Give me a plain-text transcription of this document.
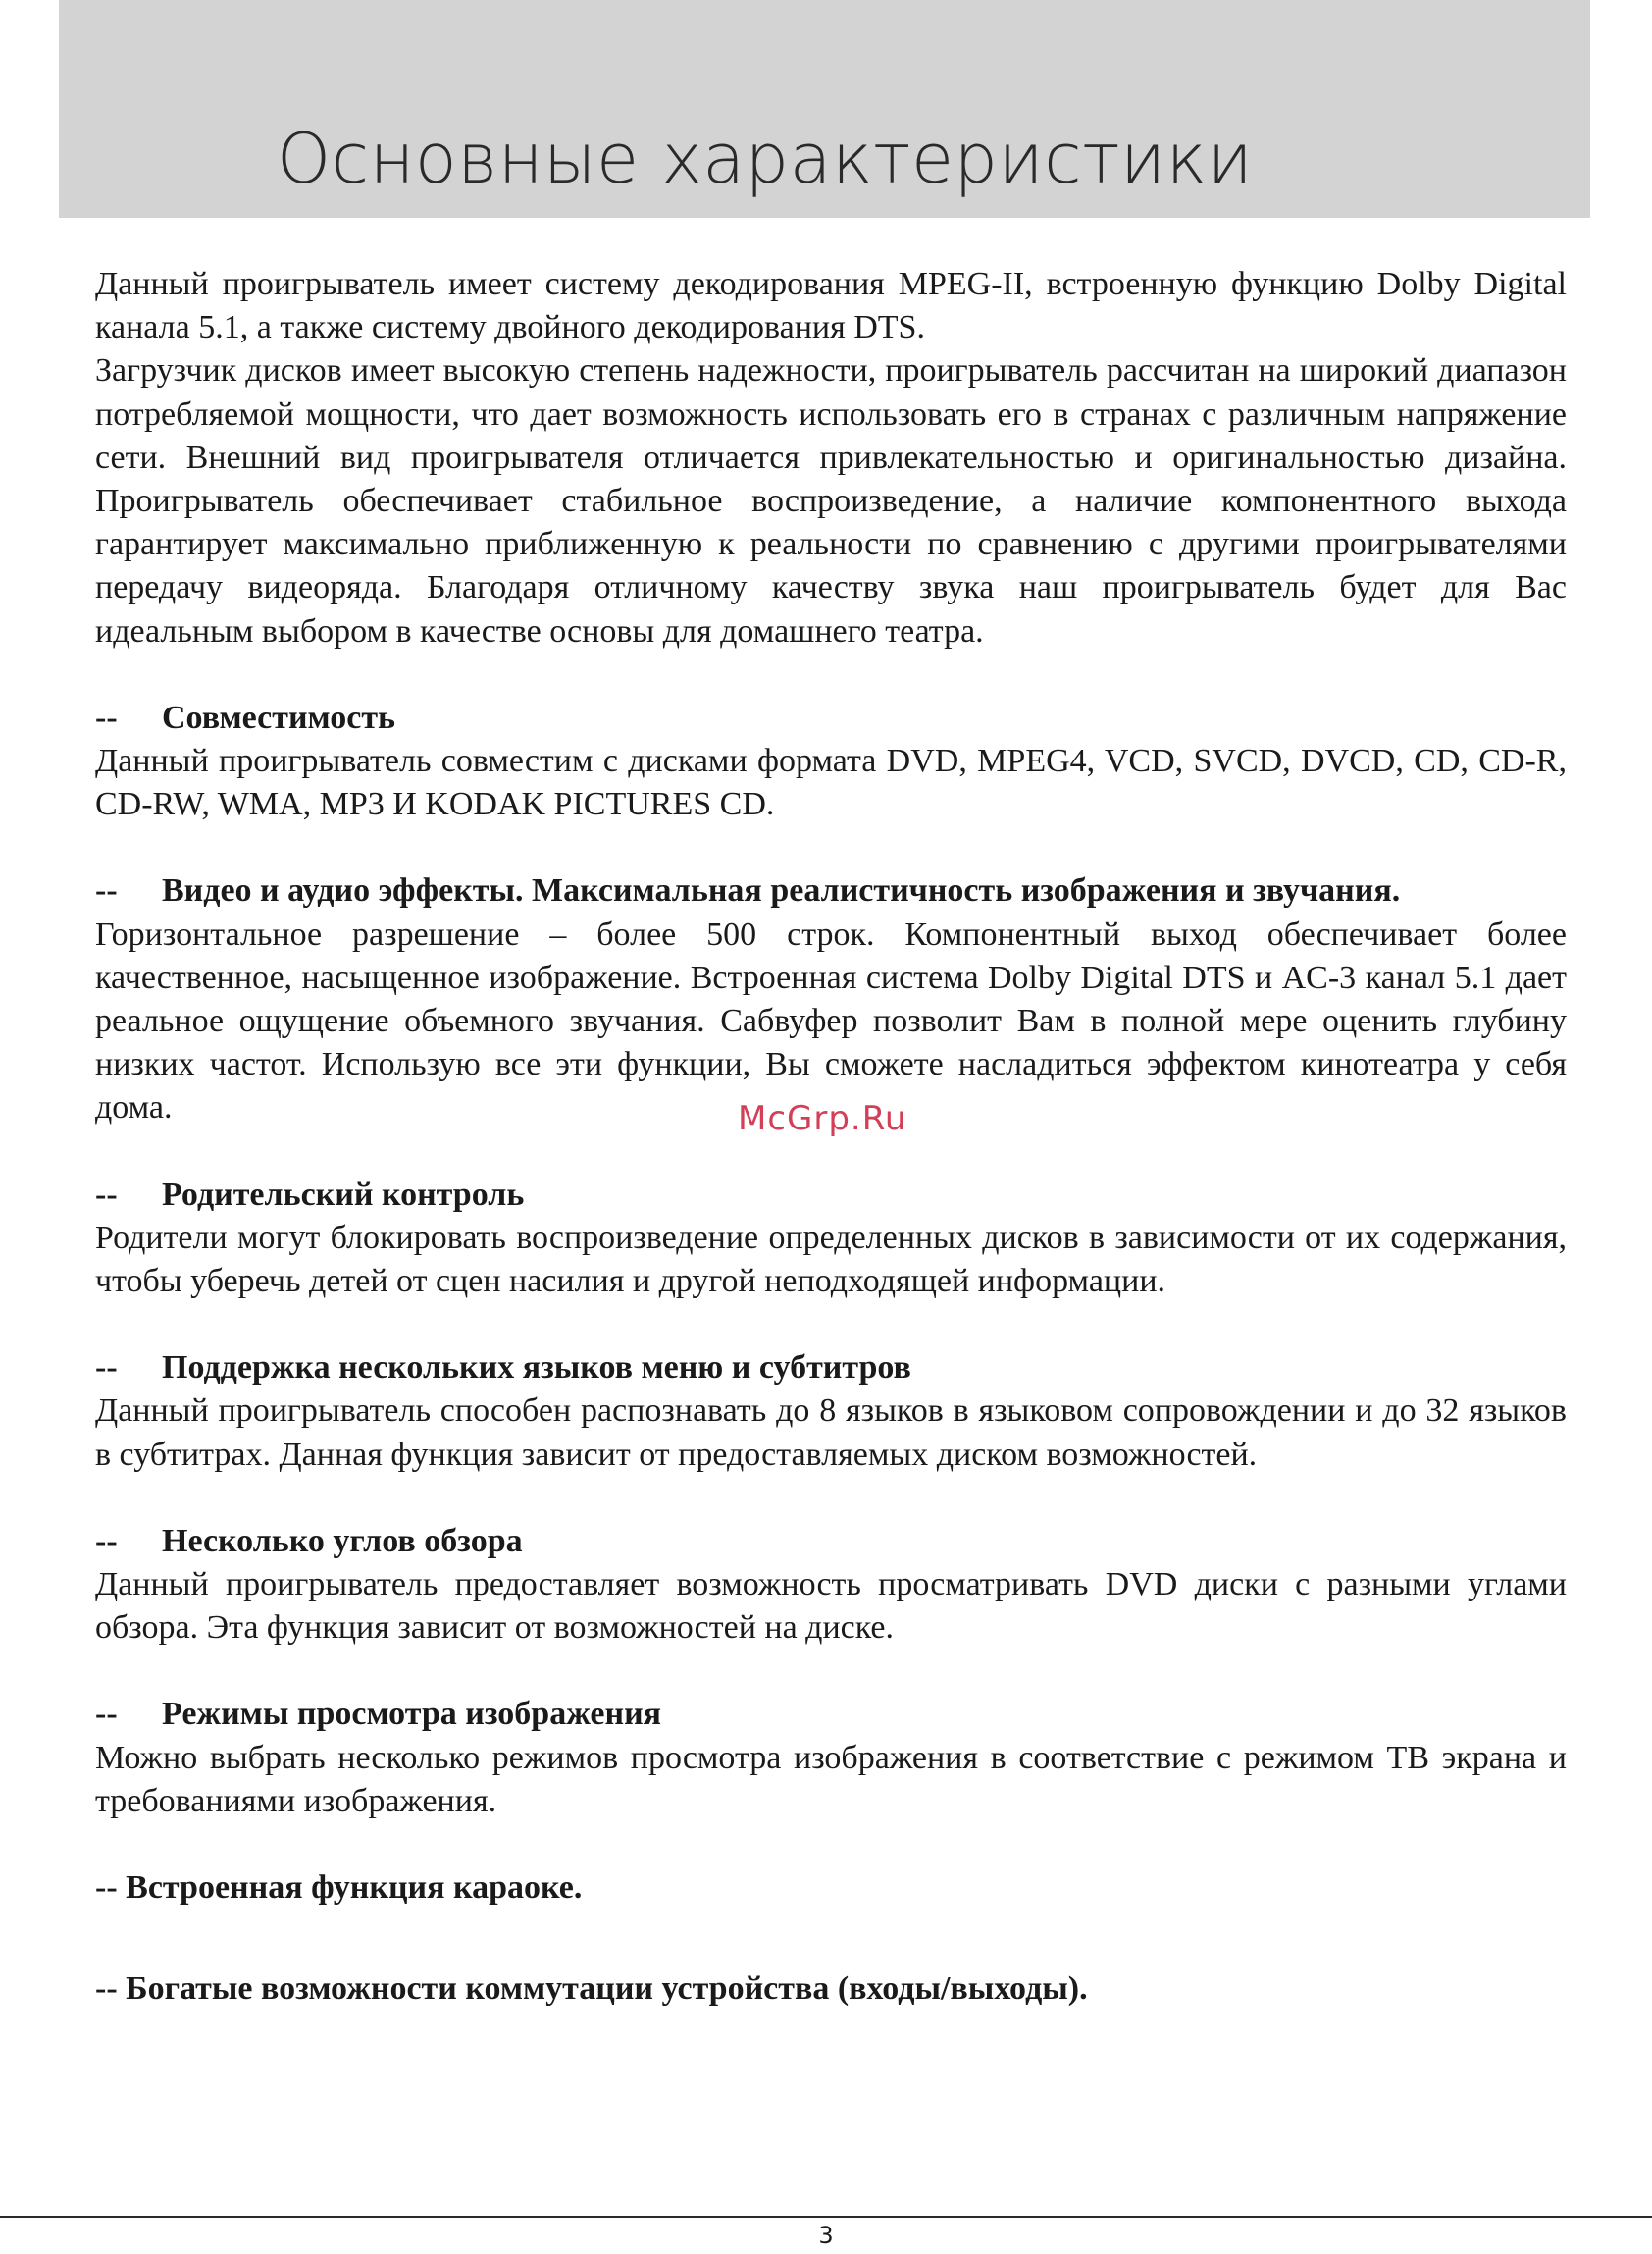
Основные характеристики

Данный проигрыватель имеет систему декодирования MPEG-II, встроенную функцию Dolby Digital канала 5.1, а также систему двойного декодирования DTS.

Загрузчик дисков имеет высокую степень надежности, проигрыватель рассчитан на широкий диапазон потребляемой мощности, что дает возможность использовать его в странах с различным напряжение сети. Внешний вид проигрывателя отличается привлекательностью и оригинальностью дизайна. Проигрыватель обеспечивает стабильное воспроизведение, а наличие компонентного выхода гарантирует максимально приближенную к реальности по сравнению с другими проигрывателями передачу видеоряда. Благодаря отличному качеству звука наш проигрыватель будет для Вас идеальным выбором в качестве основы для домашнего театра.

--	Совместимость

Данный проигрыватель совместим с дисками формата DVD, MPEG4, VCD, SVCD, DVCD, CD, CD-R, CD-RW, WMA, MP3 И KODAK PICTURES CD.

--	Видео и аудио эффекты. Максимальная реалистичность изображения и звучания.

Горизонтальное разрешение – более 500 строк. Компонентный выход обеспечивает более качественное, насыщенное изображение. Встроенная система Dolby Digital DTS и AC-3 канал 5.1 дает реальное ощущение объемного звучания. Сабвуфер позволит Вам в полной мере оценить глубину низких частот. Использую все эти функции, Вы сможете насладиться эффектом кинотеатра у себя дома.

--	Родительский контроль

Родители могут блокировать воспроизведение определенных дисков в зависимости от их содержания, чтобы уберечь детей от сцен насилия и другой неподходящей информации.

--	Поддержка нескольких языков меню и субтитров

Данный проигрыватель способен распознавать до 8 языков в языковом сопровождении и до 32 языков в субтитрах. Данная функция зависит от предоставляемых диском возможностей.

--	Несколько углов обзора

Данный проигрыватель предоставляет возможность просматривать DVD диски с разными углами обзора. Эта функция зависит от возможностей на диске.

--	Режимы просмотра изображения

Можно выбрать несколько режимов просмотра изображения в соответствие с режимом ТВ экрана и требованиями изображения.

-- Встроенная функция караоке.

-- Богатые возможности коммутации устройства (входы/выходы).

McGrp.Ru
3
